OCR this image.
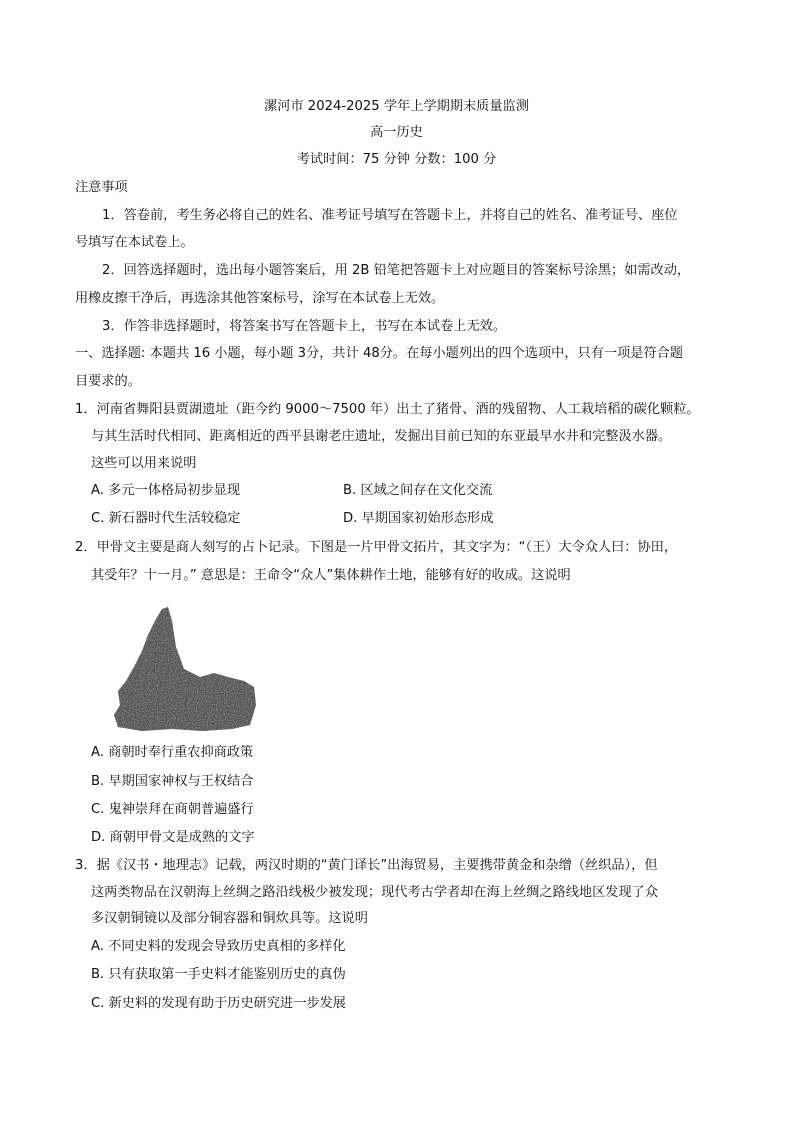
漯河市 2024-2025 学年上学期期末质量监测
高一历史
考试时间：75 分钟 分数：100 分
注意事项
1．答卷前，考生务必将自己的姓名、准考证号填写在答题卡上，并将自己的姓名、准考证号、座位
号填写在本试卷上。
2．回答选择题时，选出每小题答案后，用 2B 铅笔把答题卡上对应题目的答案标号涂黑；如需改动，
用橡皮擦干净后，再选涂其他答案标号，涂写在本试卷上无效。
3．作答非选择题时，将答案书写在答题卡上，书写在本试卷上无效。
一、选择题: 本题共 16 小题，每小题 3分，共计 48分。在每小题列出的四个选项中，只有一项是符合题
目要求的。
1．河南省舞阳县贾湖遗址（距今约 9000～7500 年）出土了猪骨、酒的残留物、人工栽培稻的碳化颗粒。
与其生活时代相同、距离相近的西平县谢老庄遗址，发掘出目前已知的东亚最早水井和完整汲水器。
这些可以用来说明
A. 多元一体格局初步显现	B. 区域之间存在文化交流
C. 新石器时代生活较稳定	D. 早期国家初始形态形成
2．甲骨文主要是商人刻写的占卜记录。下图是一片甲骨文拓片，其文字为：“（王）大令众人曰：协田，
其受年？十一月。” 意思是：王命令“众人”集体耕作土地，能够有好的收成。这说明
A. 商朝时奉行重农抑商政策
B. 早期国家神权与王权结合
C. 鬼神崇拜在商朝普遍盛行
D. 商朝甲骨文是成熟的文字
3．据《汉书・地理志》记载，两汉时期的“黄门译长”出海贸易，主要携带黄金和杂缯（丝织品），但
这两类物品在汉朝海上丝绸之路沿线极少被发现；现代考古学者却在海上丝绸之路线地区发现了众
多汉朝铜镜以及部分铜容器和铜炊具等。这说明
A. 不同史料的发现会导致历史真相的多样化
B. 只有获取第一手史料才能鉴别历史的真伪
C. 新史料的发现有助于历史研究进一步发展
